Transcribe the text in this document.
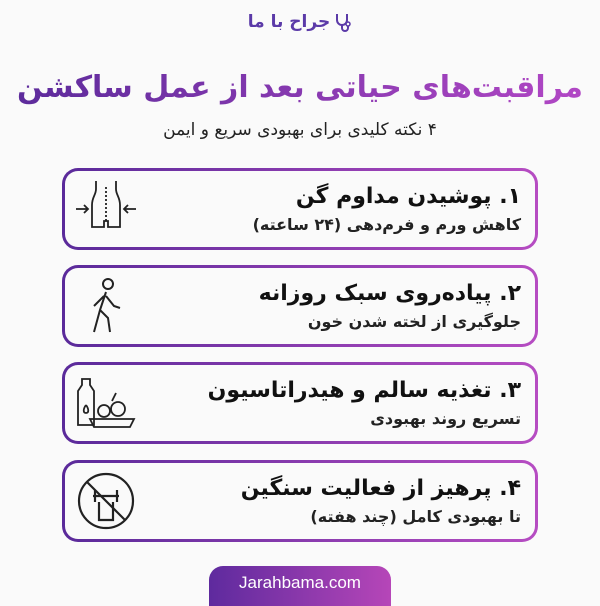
جراح با ما
مراقبت‌های حیاتی بعد از عمل ساکشن
۴ نکته کلیدی برای بهبودی سریع و ایمن
۱. پوشیدن مداوم گن
کاهش ورم و فرم‌دهی (۲۴ ساعته)
۲. پیاده‌روی سبک روزانه
جلوگیری از لخته شدن خون
۳. تغذیه سالم و هیدراتاسیون
تسریع روند بهبودی
۴. پرهیز از فعالیت سنگین
تا بهبودی کامل (چند هفته)
Jarahbama.com
